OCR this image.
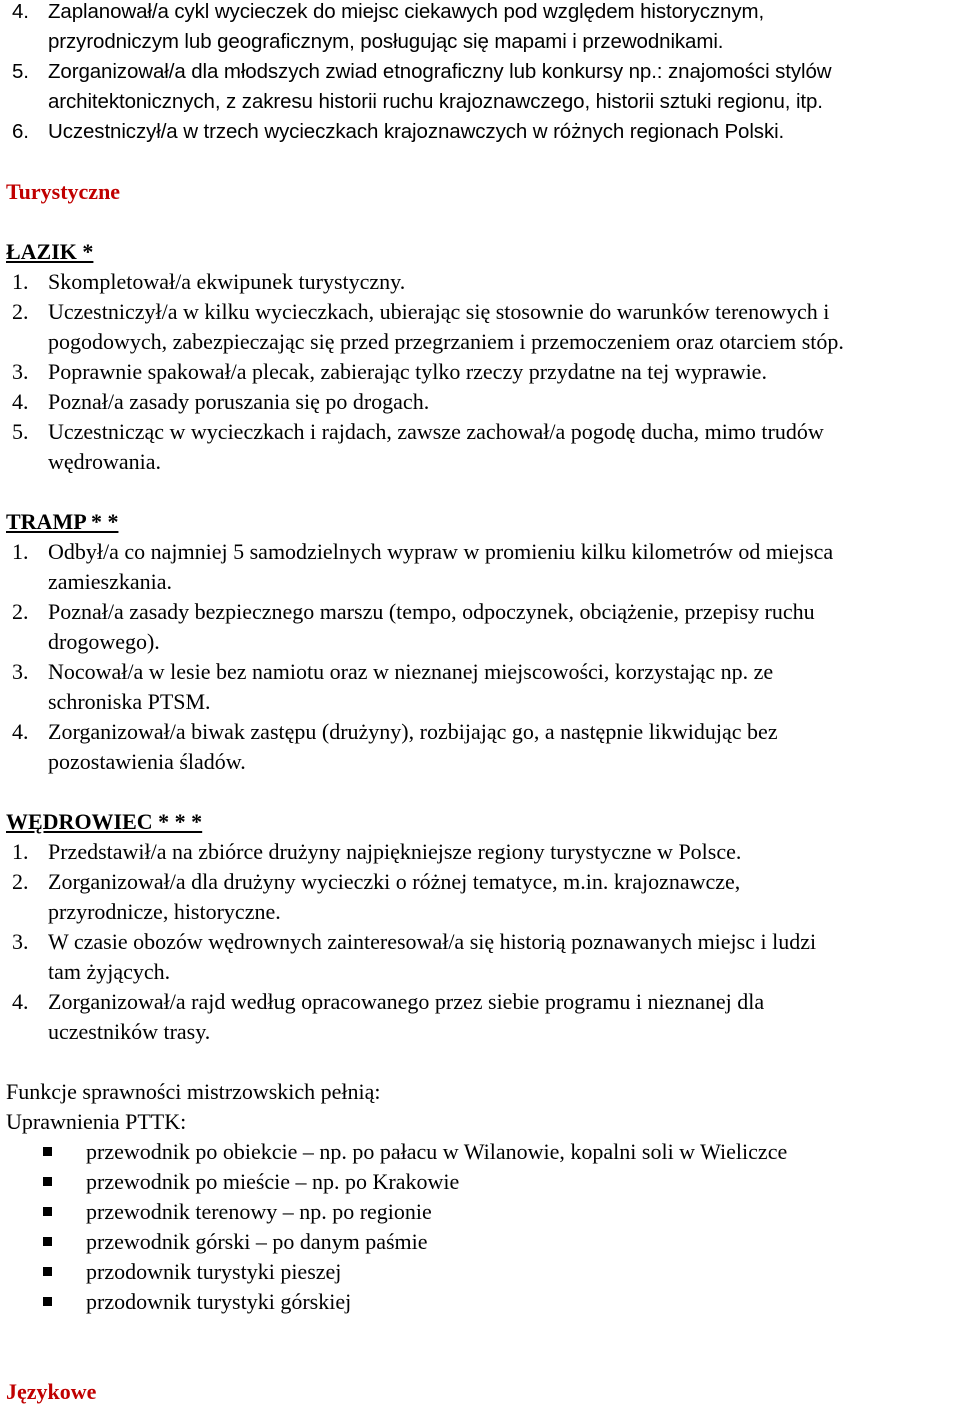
4. Zaplanował/a cykl wycieczek do miejsc ciekawych pod względem historycznym,
przyrodniczym lub geograficznym, posługując się mapami i przewodnikami.
5. Zorganizował/a dla młodszych zwiad etnograficzny lub konkursy np.: znajomości stylów
architektonicznych, z zakresu historii ruchu krajoznawczego, historii sztuki regionu, itp.
6. Uczestniczył/a w trzech wycieczkach krajoznawczych w różnych regionach Polski.
Turystyczne
ŁAZIK *
1. Skompletował/a ekwipunek turystyczny.
2. Uczestniczył/a w kilku wycieczkach, ubierając się stosownie do warunków terenowych i
pogodowych, zabezpieczając się przed przegrzaniem i przemoczeniem oraz otarciem stóp.
3. Poprawnie spakował/a plecak, zabierając tylko rzeczy przydatne na tej wyprawie.
4. Poznał/a zasady poruszania się po drogach.
5. Uczestnicząc w wycieczkach i rajdach, zawsze zachował/a pogodę ducha, mimo trudów
wędrowania.
TRAMP * *
1. Odbył/a co najmniej 5 samodzielnych wypraw w promieniu kilku kilometrów od miejsca
zamieszkania.
2. Poznał/a zasady bezpiecznego marszu (tempo, odpoczynek, obciążenie, przepisy ruchu
drogowego).
3. Nocował/a w lesie bez namiotu oraz w nieznanej miejscowości, korzystając np. ze
schroniska PTSM.
4. Zorganizował/a biwak zastępu (drużyny), rozbijając go, a następnie likwidując bez
pozostawienia śladów.
WĘDROWIEC * * *
1. Przedstawił/a na zbiórce drużyny najpiękniejsze regiony turystyczne w Polsce.
2. Zorganizował/a dla drużyny wycieczki o różnej tematyce, m.in. krajoznawcze,
przyrodnicze, historyczne.
3. W czasie obozów wędrownych zainteresował/a się historią poznawanych miejsc i ludzi
tam żyjących.
4. Zorganizował/a rajd według opracowanego przez siebie programu i nieznanej dla
uczestników trasy.
Funkcje sprawności mistrzowskich pełnią:
Uprawnienia PTTK:
przewodnik po obiekcie – np. po pałacu w Wilanowie, kopalni soli w Wieliczce
przewodnik po mieście – np. po Krakowie
przewodnik terenowy – np. po regionie
przewodnik górski – po danym paśmie
przodownik turystyki pieszej
przodownik turystyki górskiej
Językowe
